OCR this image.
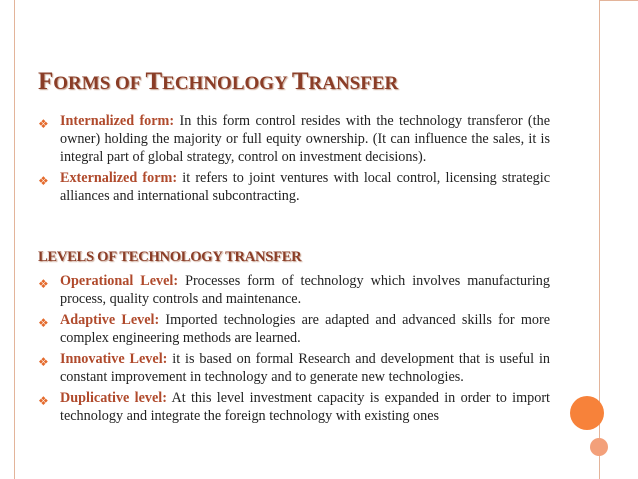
FORMS OF TECHNOLOGY TRANSFER
❖ Internalized form: In this form control resides with the technology transferor (the owner) holding the majority or full equity ownership. (It can influence the sales, it is integral part of global strategy, control on investment decisions).
❖ Externalized form: it refers to joint ventures with local control, licensing strategic alliances and international subcontracting.
LEVELS OF TECHNOLOGY TRANSFER
❖ Operational Level: Processes form of technology which involves manufacturing process, quality controls and maintenance.
❖ Adaptive Level: Imported technologies are adapted and advanced skills for more complex engineering methods are learned.
❖ Innovative Level: it is based on formal Research and development that is useful in constant improvement in technology and to generate new technologies.
❖ Duplicative level: At this level investment capacity is expanded in order to import technology and integrate the foreign technology with existing ones
